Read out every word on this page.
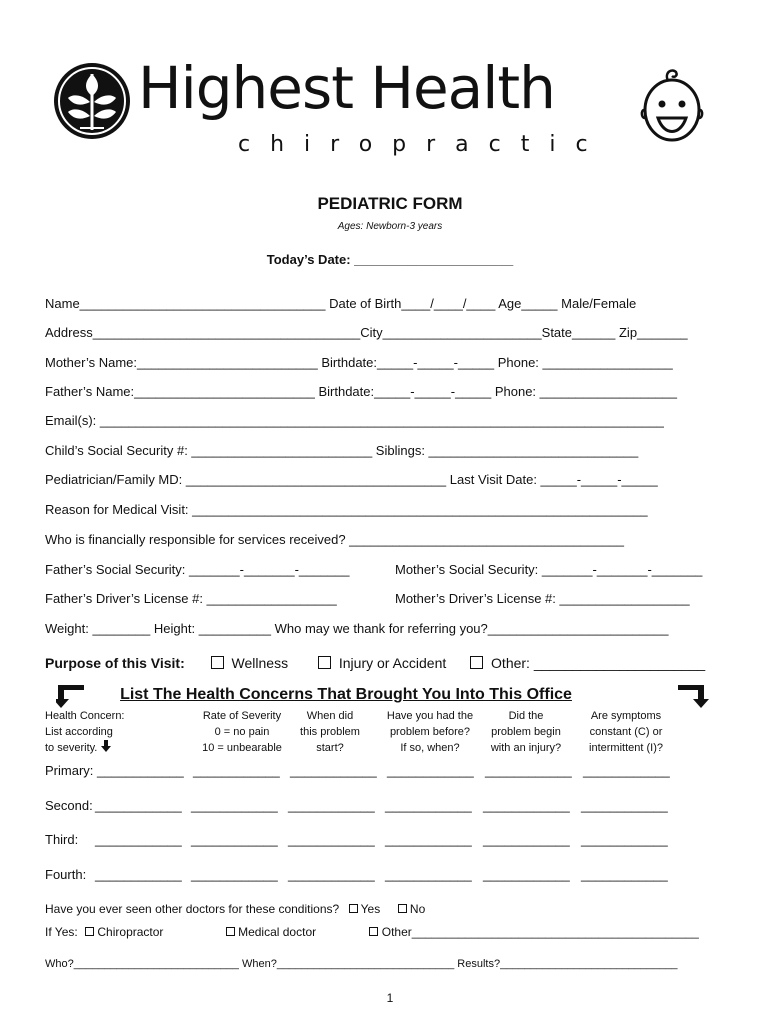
Highest Health
chiropractic
PEDIATRIC FORM
Ages: Newborn-3 years
Today’s Date: ______________________
Name__________________________________ Date of Birth____/____/____ Age_____ Male/Female
Address_____________________________________City______________________State______ Zip_______
Mother’s Name:_________________________ Birthdate:_____-_____-_____ Phone: __________________
Father’s Name:_________________________ Birthdate:_____-_____-_____ Phone: ___________________
Email(s): ______________________________________________________________________________
Child’s Social Security #: _________________________ Siblings: _____________________________
Pediatrician/Family MD: ____________________________________ Last Visit Date: _____-_____-_____
Reason for Medical Visit: _______________________________________________________________
Who is financially responsible for services received? ______________________________________
Father’s Social Security: _______-_______-_______	Mother’s Social Security: _______-_______-_______
Father’s Driver’s License #: __________________	Mother’s Driver’s License #: __________________
Weight: ________ Height: __________ Who may we thank for referring you?_________________________
Purpose of this Visit:	Wellness	Injury or Accident	Other: ______________________
List The Health Concerns That Brought You Into This Office
Health Concern:
List according
to severity.
Rate of Severity
0 = no pain
10 = unbearable
When did
this problem
start?
Have you had the
problem before?
If so, when?
Did the
problem begin
with an injury?
Are symptoms
constant (C) or
intermittent (I)?
Primary: ____________ ____________ ____________ ____________ ____________ ____________
Second: ____________ ____________ ____________ ____________ ____________ ____________
Third: ____________ ____________ ____________ ____________ ____________ ____________
Fourth: ____________ ____________ ____________ ____________ ____________ ____________
Have you ever seen other doctors for these conditions? Yes No
If Yes: Chiropractor	Medical doctor	Other___________________________________________
Who?___________________________ When?_____________________________ Results?_____________________________
1
